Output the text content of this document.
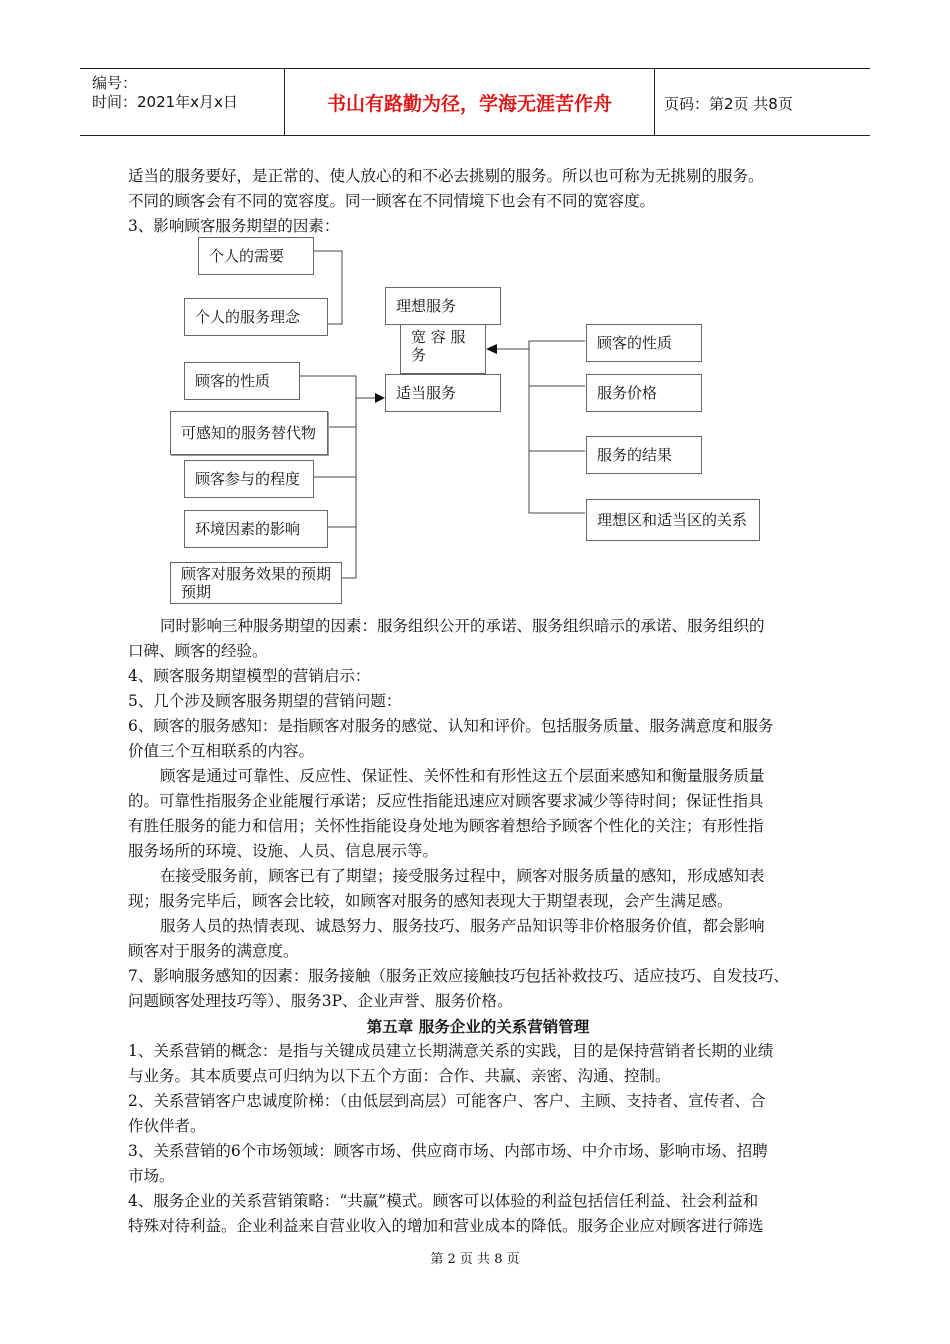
编号：
时间：2021年x月x日	书山有路勤为径，学海无涯苦作舟	页码：第2页 共8页
适当的服务要好，是正常的、使人放心的和不必去挑剔的服务。所以也可称为无挑剔的服务。
不同的顾客会有不同的宽容度。同一顾客在不同情境下也会有不同的宽容度。
3、影响顾客服务期望的因素：
个人的需要
个人的服务理念
理想服务
宽 容 服 务
适当服务
顾客的性质
可感知的服务替代物
顾客参与的程度
环境因素的影响
顾客对服务效果的预期预期
顾客的性质
服务价格
服务的结果
理想区和适当区的关系
同时影响三种服务期望的因素：服务组织公开的承诺、服务组织暗示的承诺、服务组织的
口碑、顾客的经验。
4、顾客服务期望模型的营销启示：
5、几个涉及顾客服务期望的营销问题：
6、顾客的服务感知：是指顾客对服务的感觉、认知和评价。包括服务质量、服务满意度和服务
价值三个互相联系的内容。
顾客是通过可靠性、反应性、保证性、关怀性和有形性这五个层面来感知和衡量服务质量
的。可靠性指服务企业能履行承诺；反应性指能迅速应对顾客要求减少等待时间；保证性指具
有胜任服务的能力和信用；关怀性指能设身处地为顾客着想给予顾客个性化的关注；有形性指
服务场所的环境、设施、人员、信息展示等。
在接受服务前，顾客已有了期望；接受服务过程中，顾客对服务质量的感知，形成感知表
现；服务完毕后，顾客会比较，如顾客对服务的感知表现大于期望表现，会产生满足感。
服务人员的热情表现、诚恳努力、服务技巧、服务产品知识等非价格服务价值，都会影响
顾客对于服务的满意度。
7、影响服务感知的因素：服务接触（服务正效应接触技巧包括补救技巧、适应技巧、自发技巧、
问题顾客处理技巧等）、服务3P、企业声誉、服务价格。
第五章 服务企业的关系营销管理
1、关系营销的概念：是指与关键成员建立长期满意关系的实践，目的是保持营销者长期的业绩
与业务。其本质要点可归纳为以下五个方面：合作、共赢、亲密、沟通、控制。
2、关系营销客户忠诚度阶梯：（由低层到高层）可能客户、客户、主顾、支持者、宣传者、合
作伙伴者。
3、关系营销的6个市场领域：顾客市场、供应商市场、内部市场、中介市场、影响市场、招聘
市场。
4、服务企业的关系营销策略：“共赢”模式。顾客可以体验的利益包括信任利益、社会利益和
特殊对待利益。企业利益来自营业收入的增加和营业成本的降低。服务企业应对顾客进行筛选
第 2 页 共 8 页
